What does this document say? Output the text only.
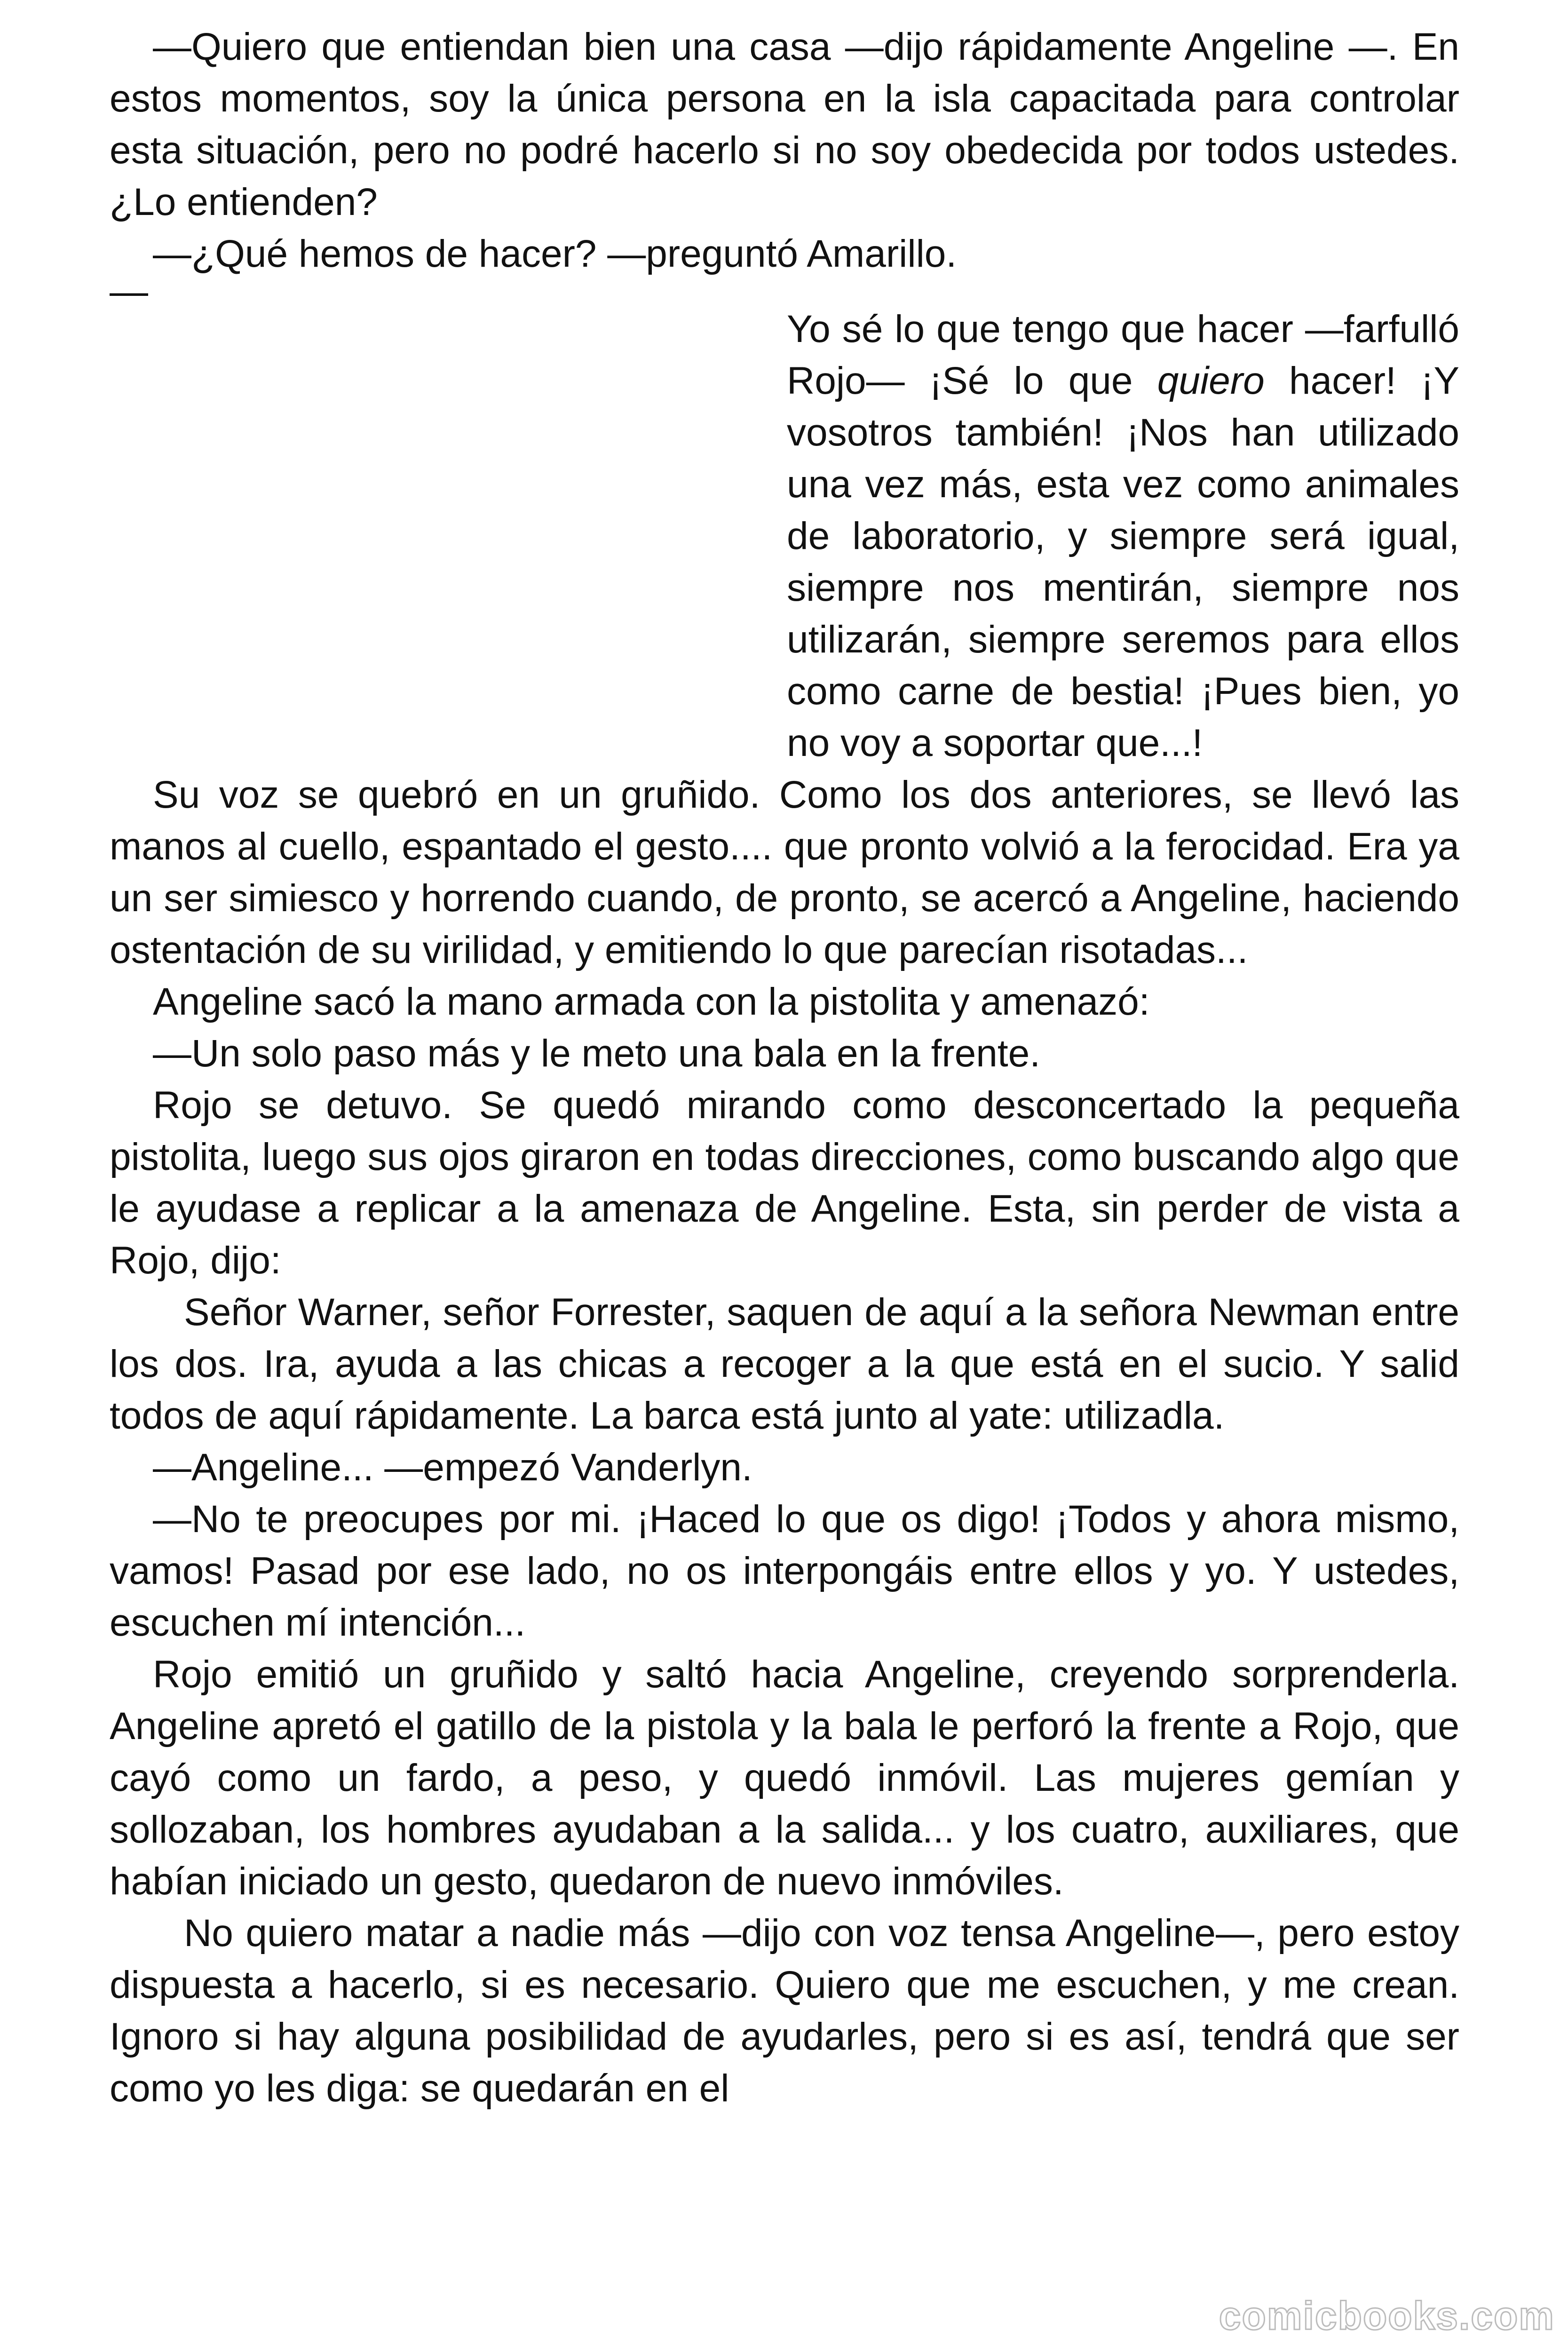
—Quiero que entiendan bien una casa —dijo rápidamente Angeline —. En estos momentos, soy la única persona en la isla capacitada para controlar esta situación, pero no podré hacerlo si no soy obedecida por todos ustedes. ¿Lo entienden?

—¿Qué hemos de hacer? —preguntó Amarillo.

—

Yo sé lo que tengo que hacer —farfulló Rojo— ¡Sé lo que quiero hacer! ¡Y vosotros también! ¡Nos han utilizado una vez más, esta vez como animales de laboratorio, y siempre será igual, siempre nos mentirán, siempre nos utilizarán, siempre seremos para ellos como carne de bestia! ¡Pues bien, yo no voy a soportar que...!

Su voz se quebró en un gruñido. Como los dos anteriores, se llevó las manos al cuello, espantado el gesto.... que pronto volvió a la ferocidad. Era ya un ser simiesco y horrendo cuando, de pronto, se acercó a Angeline, haciendo ostentación de su virilidad, y emitiendo lo que parecían risotadas...

Angeline sacó la mano armada con la pistolita y amenazó:

—Un solo paso más y le meto una bala en la frente.

Rojo se detuvo. Se quedó mirando como desconcertado la pequeña pistolita, luego sus ojos giraron en todas direcciones, como buscando algo que le ayudase a replicar a la amenaza de Angeline. Esta, sin perder de vista a Rojo, dijo:

Señor Warner, señor Forrester, saquen de aquí a la señora Newman entre los dos. Ira, ayuda a las chicas a recoger a la que está en el sucio. Y salid todos de aquí rápidamente. La barca está junto al yate: utilizadla.

—Angeline... —empezó Vanderlyn.

—No te preocupes por mi. ¡Haced lo que os digo! ¡Todos y ahora mismo, vamos! Pasad por ese lado, no os interpongáis entre ellos y yo. Y ustedes, escuchen mí intención...

Rojo emitió un gruñido y saltó hacia Angeline, creyendo sorprenderla. Angeline apretó el gatillo de la pistola y la bala le perforó la frente a Rojo, que cayó como un fardo, a peso, y quedó inmóvil. Las mujeres gemían y sollozaban, los hombres ayudaban a la salida... y los cuatro, auxiliares, que habían iniciado un gesto, quedaron de nuevo inmóviles.

No quiero matar a nadie más —dijo con voz tensa Angeline—, pero estoy dispuesta a hacerlo, si es necesario. Quiero que me escuchen, y me crean. Ignoro si hay alguna posibilidad de ayudarles, pero si es así, tendrá que ser como yo les diga: se quedarán en el

comicbooks.com
